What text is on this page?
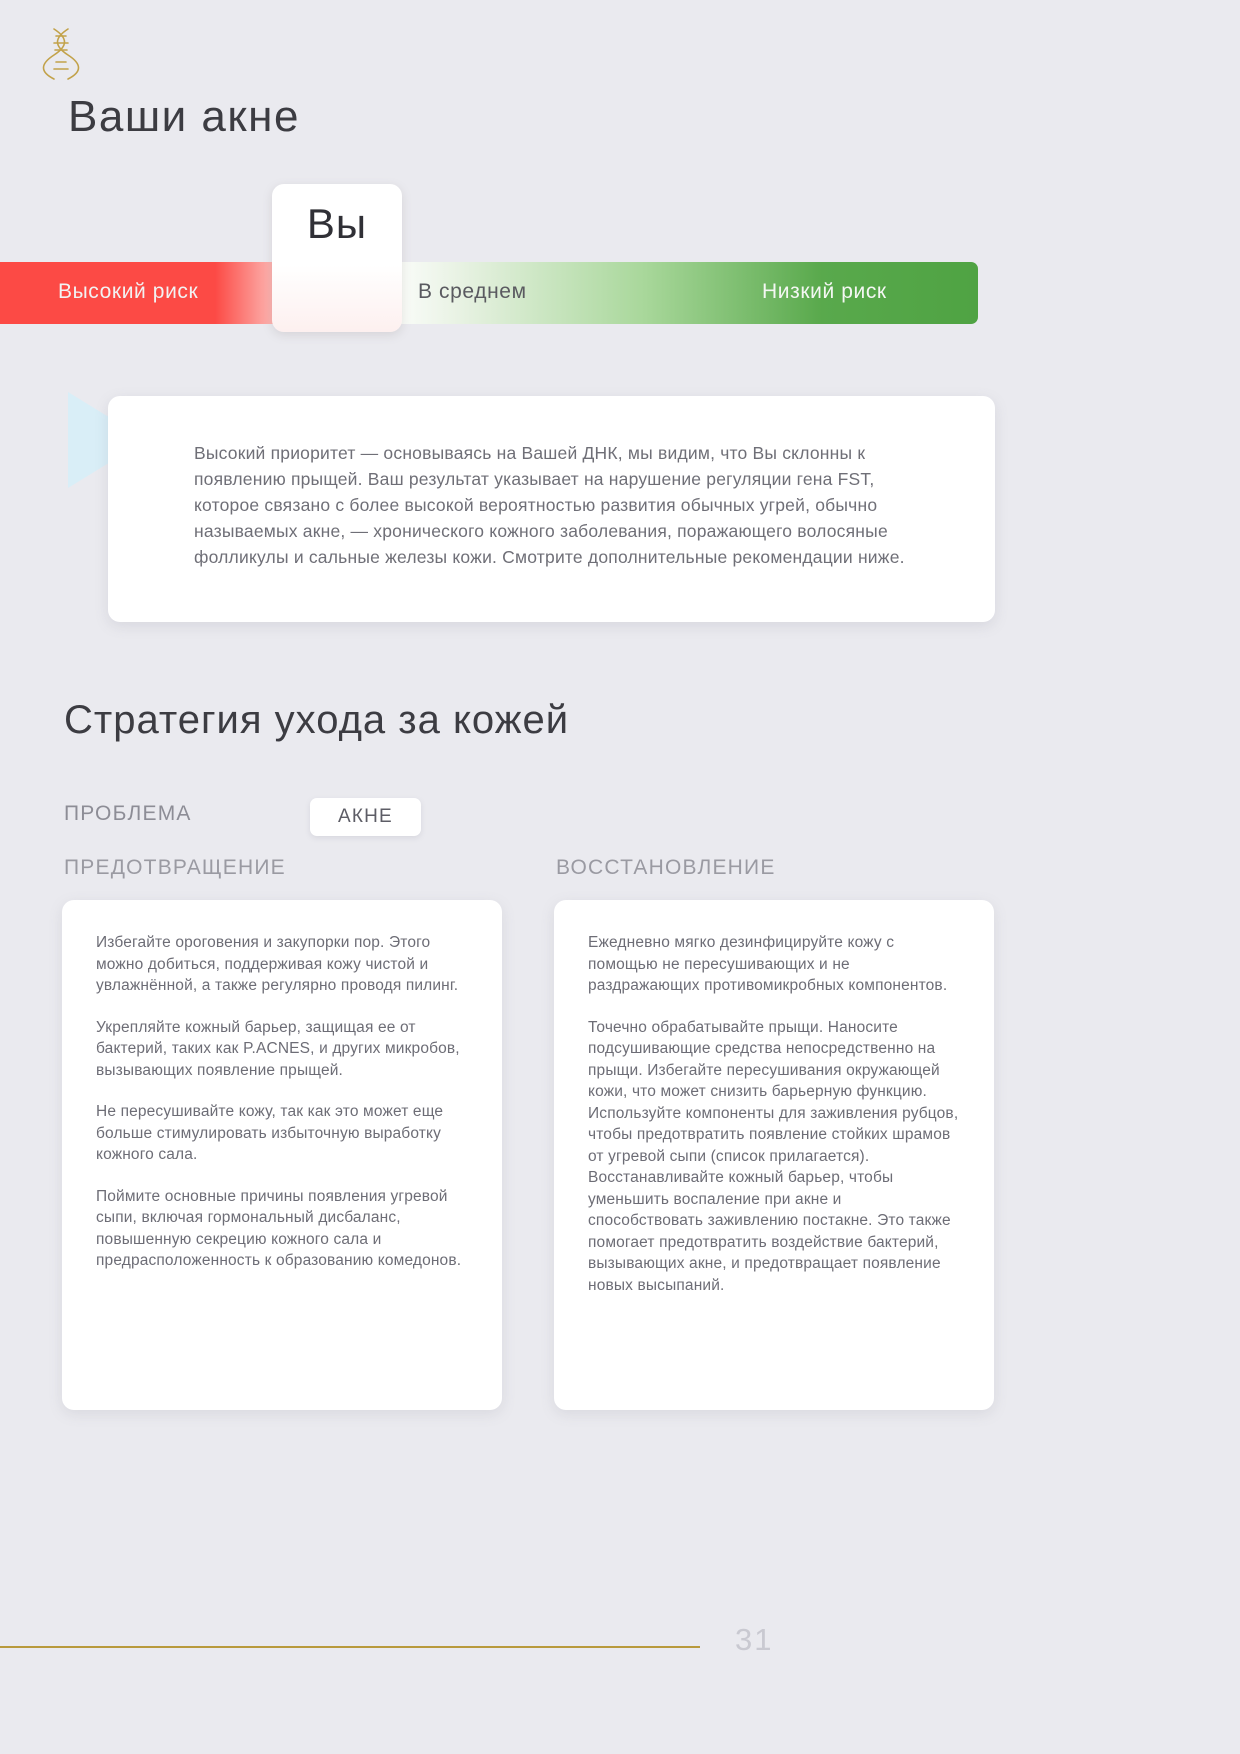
Ваши акне
Высокий риск	В среднем	Низкий риск
Вы

Высокий приоритет — основываясь на Вашей ДНК, мы видим, что Вы склонны к появлению прыщей. Ваш результат указывает на нарушение регуляции гена FST, которое связано с более высокой вероятностью развития обычных угрей, обычно называемых акне, — хронического кожного заболевания, поражающего волосяные фолликулы и сальные железы кожи. Смотрите дополнительные рекомендации ниже.

Стратегия ухода за кожей
ПРОБЛЕМА	АКНЕ
ПРЕДОТВРАЩЕНИЕ	ВОССТАНОВЛЕНИЕ

Избегайте ороговения и закупорки пор. Этого можно добиться, поддерживая кожу чистой и увлажнённой, а также регулярно проводя пилинг.

Укрепляйте кожный барьер, защищая ее от бактерий, таких как P.ACNES, и других микробов, вызывающих появление прыщей.

Не пересушивайте кожу, так как это может еще больше стимулировать избыточную выработку кожного сала.

Поймите основные причины появления угревой сыпи, включая гормональный дисбаланс, повышенную секрецию кожного сала и предрасположенность к образованию комедонов.

Ежедневно мягко дезинфицируйте кожу с помощью не пересушивающих и не раздражающих противомикробных компонентов.

Точечно обрабатывайте прыщи. Наносите подсушивающие средства непосредственно на прыщи. Избегайте пересушивания окружающей кожи, что может снизить барьерную функцию. Используйте компоненты для заживления рубцов, чтобы предотвратить появление стойких шрамов от угревой сыпи (список прилагается). Восстанавливайте кожный барьер, чтобы уменьшить воспаление при акне и способствовать заживлению постакне. Это также помогает предотвратить воздействие бактерий, вызывающих акне, и предотвращает появление новых высыпаний.

31
